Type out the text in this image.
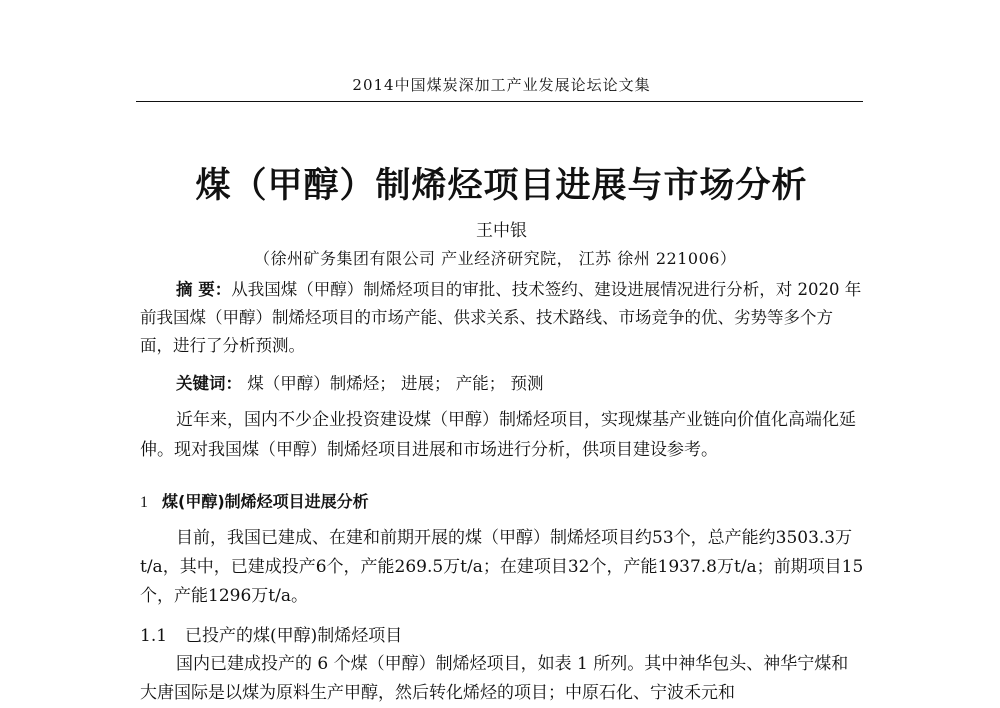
2014中国煤炭深加工产业发展论坛论文集
煤（甲醇）制烯烃项目进展与市场分析
王中银
（徐州矿务集团有限公司 产业经济研究院， 江苏 徐州 221006）
摘 要：从我国煤（甲醇）制烯烃项目的审批、技术签约、建设进展情况进行分析，对 2020 年前我国煤（甲醇）制烯烃项目的市场产能、供求关系、技术路线、市场竞争的优、劣势等多个方面，进行了分析预测。
关键词： 煤（甲醇）制烯烃； 进展； 产能； 预测
近年来，国内不少企业投资建设煤（甲醇）制烯烃项目，实现煤基产业链向价值化高端化延伸。现对我国煤（甲醇）制烯烃项目进展和市场进行分析，供项目建设参考。
1 煤(甲醇)制烯烃项目进展分析
目前，我国已建成、在建和前期开展的煤（甲醇）制烯烃项目约53个，总产能约3503.3万t/a，其中，已建成投产6个，产能269.5万t/a；在建项目32个，产能1937.8万t/a；前期项目15个，产能1296万t/a。
1.1 已投产的煤(甲醇)制烯烃项目
国内已建成投产的 6 个煤（甲醇）制烯烃项目，如表 1 所列。其中神华包头、神华宁煤和大唐国际是以煤为原料生产甲醇，然后转化烯烃的项目；中原石化、宁波禾元和
